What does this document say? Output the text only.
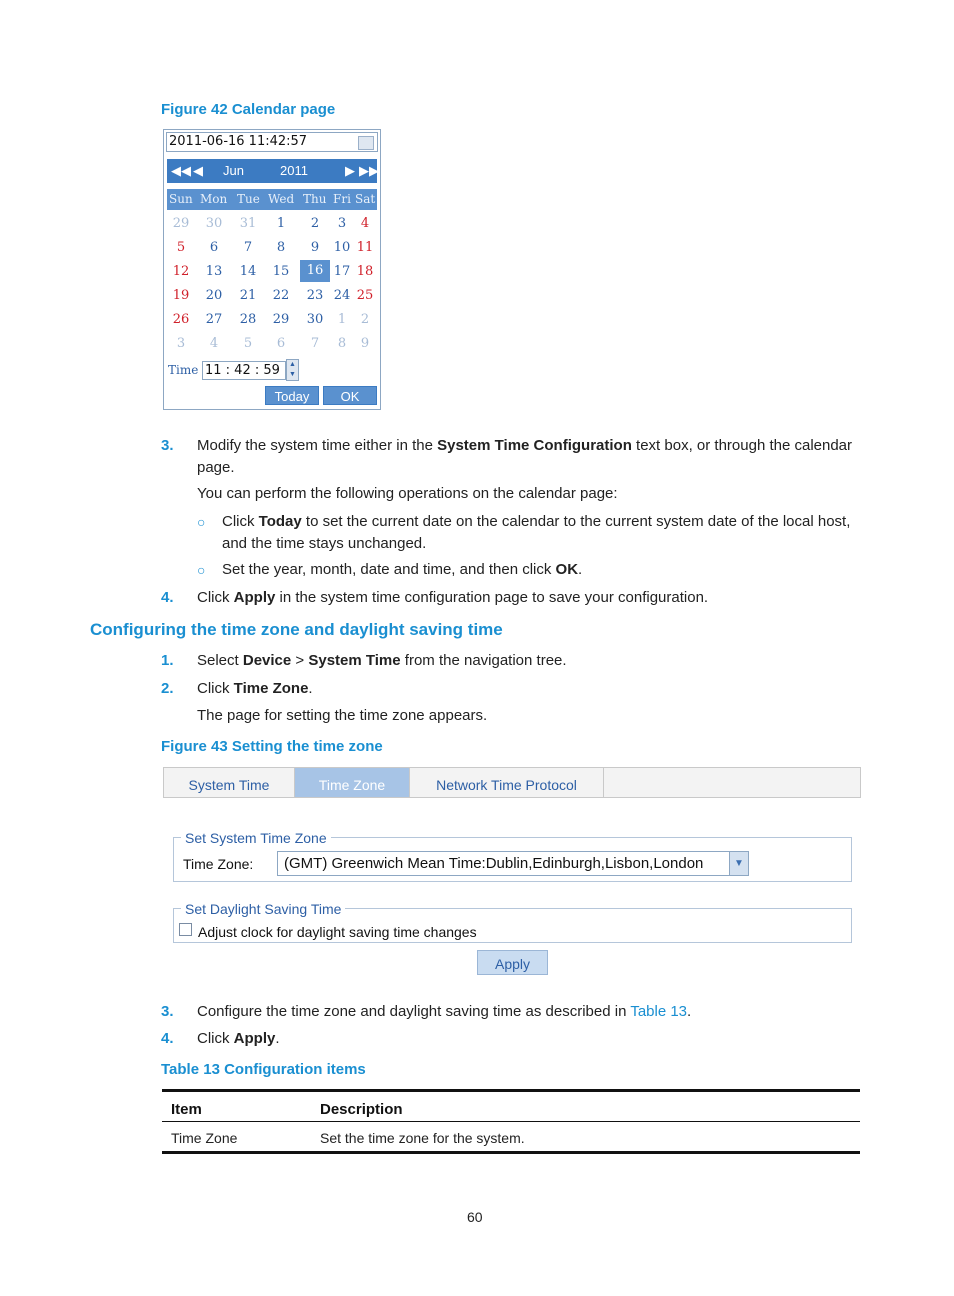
Figure 42 Calendar page
2011-06-16 11:42:57
◀◀ ◀ Jun	2011	▶ ▶▶
Sun Mon Tue Wed Thu Fri Sat
29 30 31	1	2	3	4
5	6	7	8	9	10 11
12 13 14 15	16 17 18
19 20 21 22 23 24 25
26 27 28 29 30	1	2
3	4	5	6	7	8	9
Time 11 : 42 : 59	▲
▼
Today	OK
3. Modify the system time either in the System Time Configuration text box, or through the calendar
page.
You can perform the following operations on the calendar page:
○ Click Today to set the current date on the calendar to the current system date of the local host,
and the time stays unchanged.
○ Set the year, month, date and time, and then click OK.
4. Click Apply in the system time configuration page to save your configuration.
Configuring the time zone and daylight saving time
1. Select Device > System Time from the navigation tree.
2. Click Time Zone.
The page for setting the time zone appears.
Figure 43 Setting the time zone
System Time	Time Zone	Network Time Protocol
Set System Time Zone
Time Zone:	(GMT) Greenwich Mean Time:Dublin,Edinburgh,Lisbon,London	▼
Set Daylight Saving Time
Adjust clock for daylight saving time changes
Apply
3. Configure the time zone and daylight saving time as described in Table 13.
4. Click Apply.
Table 13 Configuration items
Item	Description
Time Zone	Set the time zone for the system.
60
